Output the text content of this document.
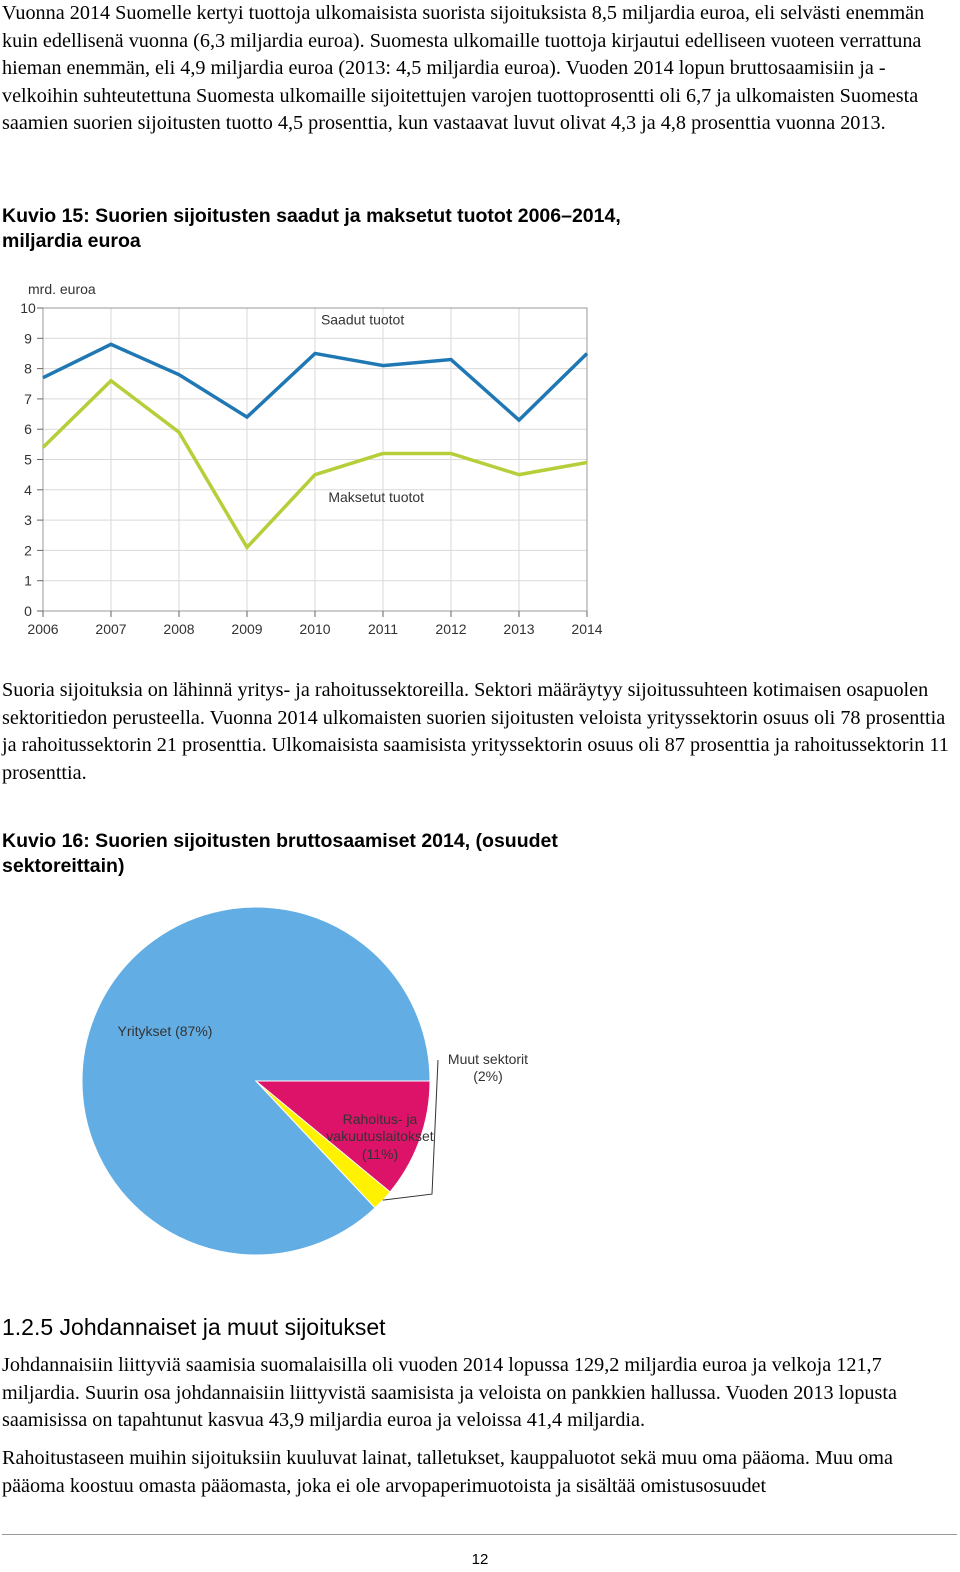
Vuonna 2014 Suomelle kertyi tuottoja ulkomaisista suorista sijoituksista 8,5 miljardia euroa, eli selvästi enemmän kuin edellisenä vuonna (6,3 miljardia euroa). Suomesta ulkomaille tuottoja kirjautui edelliseen vuoteen verrattuna hieman enemmän, eli 4,9 miljardia euroa (2013: 4,5 miljardia euroa). Vuoden 2014 lopun bruttosaamisiin ja -velkoihin suhteutettuna Suomesta ulkomaille sijoitettujen varojen tuottoprosentti oli 6,7 ja ulkomaisten Suomesta saamien suorien sijoitusten tuotto 4,5 prosenttia, kun vastaavat luvut olivat 4,3 ja 4,8 prosenttia vuonna 2013.

Kuvio 15: Suorien sijoitusten saadut ja maksetut tuotot 2006–2014,
miljardia euroa
0
1
2
3
4
5
6
7
8
9
10
2006	2007	2008	2009	2010	2011	2012	2013	2014
mrd. euroa
Saadut tuotot
Maksetut tuotot

Suoria sijoituksia on lähinnä yritys- ja rahoitussektoreilla. Sektori määräytyy sijoitussuhteen kotimaisen osapuolen sektoritiedon perusteella. Vuonna 2014 ulkomaisten suorien sijoitusten veloista yrityssektorin osuus oli 78 prosenttia ja rahoitussektorin 21 prosenttia. Ulkomaisista saamisista yrityssektorin osuus oli 87 prosenttia ja rahoitussektorin 11 prosenttia.

Kuvio 16: Suorien sijoitusten bruttosaamiset 2014, (osuudet
sektoreittain)
Yritykset (87%)
Muut sektorit
(2%)
Rahoitus- ja
vakuutuslaitokset
(11%)
1.2.5 Johdannaiset ja muut sijoitukset

Johdannaisiin liittyviä saamisia suomalaisilla oli vuoden 2014 lopussa 129,2 miljardia euroa ja velkoja 121,7 miljardia. Suurin osa johdannaisiin liittyvistä saamisista ja veloista on pankkien hallussa. Vuoden 2013 lopusta saamisissa on tapahtunut kasvua 43,9 miljardia euroa ja veloissa 41,4 miljardia.

Rahoitustaseen muihin sijoituksiin kuuluvat lainat, talletukset, kauppaluotot sekä muu oma pääoma. Muu oma pääoma koostuu omasta pääomasta, joka ei ole arvopaperimuotoista ja sisältää omistusosuudet

12
